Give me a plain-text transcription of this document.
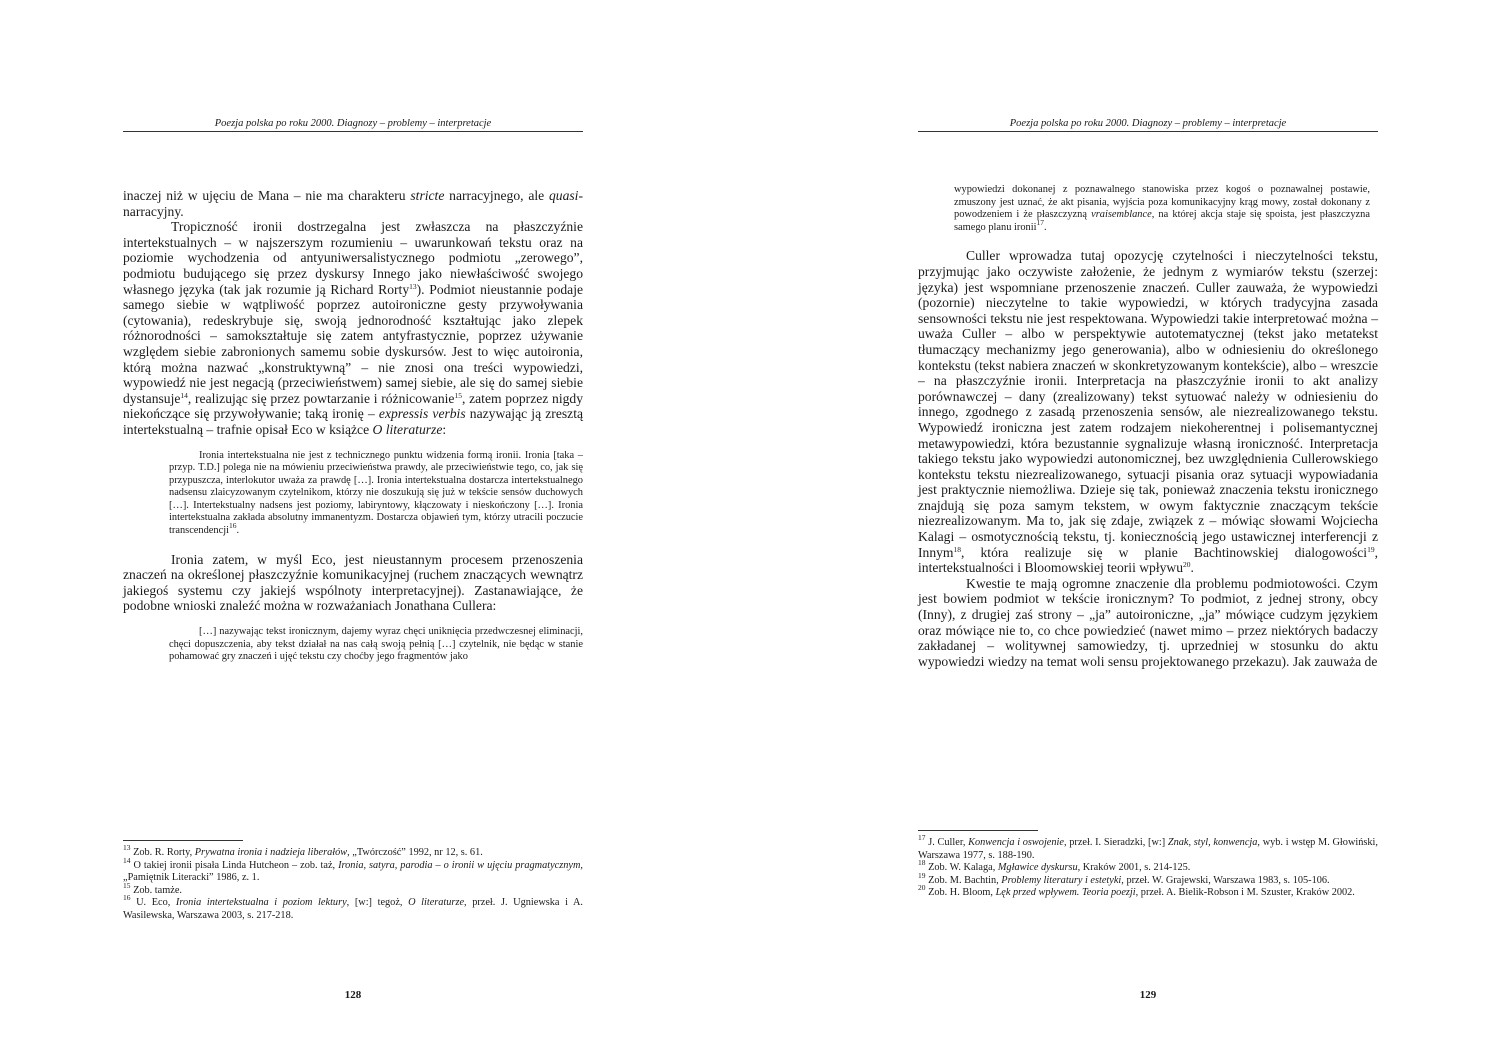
Poezja polska po roku 2000. Diagnozy – problemy – interpretacje

inaczej niż w ujęciu de Mana – nie ma charakteru stricte narracyjnego, ale quasi-narracyjny.

Tropiczność ironii dostrzegalna jest zwłaszcza na płaszczyźnie intertekstualnych – w najszerszym rozumieniu – uwarunkowań tekstu oraz na poziomie wychodzenia od antyuniwersalistycznego podmiotu „zerowego”, podmiotu budującego się przez dyskursy Innego jako niewłaściwość swojego własnego języka (tak jak rozumie ją Richard Rorty$^{13}$). Podmiot nieustannie podaje samego siebie w wątpliwość poprzez autoironiczne gesty przywoływania (cytowania), redeskrybuje się, swoją jednorodność kształtując jako zlepek różnorodności – samokształtuje się zatem antyfrastycznie, poprzez używanie względem siebie zabronionych samemu sobie dyskursów. Jest to więc autoironia, którą można nazwać „konstruktywną” – nie znosi ona treści wypowiedzi, wypowiedź nie jest negacją (przeciwieństwem) samej siebie, ale się do samej siebie dystansuje$^{14}$, realizując się przez powtarzanie i różnicowanie$^{15}$, zatem poprzez nigdy niekończące się przywoływanie; taką ironię – expressis verbis nazywając ją zresztą intertekstualną – trafnie opisał Eco w książce O literaturze:

Ironia intertekstualna nie jest z technicznego punktu widzenia formą ironii. Ironia [taka – przyp. T.D.] polega nie na mówieniu przeciwieństwa prawdy, ale przeciwieństwie tego, co, jak się przypuszcza, interlokutor uważa za prawdę […]. Ironia intertekstualna dostarcza intertekstualnego nadsensu zlaicyzowanym czytelnikom, którzy nie doszukują się już w tekście sensów duchowych […]. Intertekstualny nadsens jest poziomy, labiryntowy, kłączowaty i nieskończony […]. Ironia intertekstualna zakłada absolutny immanentyzm. Dostarcza objawień tym, którzy utracili poczucie transcendencji$^{16}$.

Ironia zatem, w myśl Eco, jest nieustannym procesem przenoszenia znaczeń na określonej płaszczyźnie komunikacyjnej (ruchem znaczących wewnątrz jakiegoś systemu czy jakiejś wspólnoty interpretacyjnej). Zastanawiające, że podobne wnioski znaleźć można w rozważaniach Jonathana Cullera:

[…] nazywając tekst ironicznym, dajemy wyraz chęci uniknięcia przedwczesnej eliminacji, chęci dopuszczenia, aby tekst działał na nas całą swoją pełnią […] czytelnik, nie będąc w stanie pohamować gry znaczeń i ujęć tekstu czy choćby jego fragmentów jako

$^{13}$ Zob. R. Rorty, Prywatna ironia i nadzieja liberałów, „Twórczość” 1992, nr 12, s. 61.

$^{14}$ O takiej ironii pisała Linda Hutcheon – zob. taż, Ironia, satyra, parodia – o ironii w ujęciu pragmatycznym, „Pamiętnik Literacki” 1986, z. 1.

$^{15}$ Zob. tamże.

$^{16}$ U. Eco, Ironia intertekstualna i poziom lektury, [w:] tegoż, O literaturze, przeł. J. Ugniewska i A. Wasilewska, Warszawa 2003, s. 217-218.

128
Poezja polska po roku 2000. Diagnozy – problemy – interpretacje

wypowiedzi dokonanej z poznawalnego stanowiska przez kogoś o poznawalnej postawie, zmuszony jest uznać, że akt pisania, wyjścia poza komunikacyjny krąg mowy, został dokonany z powodzeniem i że płaszczyzną vraisemblance, na której akcja staje się spoista, jest płaszczyzna samego planu ironii$^{17}$.

Culler wprowadza tutaj opozycję czytelności i nieczytelności tekstu, przyjmując jako oczywiste założenie, że jednym z wymiarów tekstu (szerzej: języka) jest wspomniane przenoszenie znaczeń. Culler zauważa, że wypowiedzi (pozornie) nieczytelne to takie wypowiedzi, w których tradycyjna zasada sensowności tekstu nie jest respektowana. Wypowiedzi takie interpretować można – uważa Culler – albo w perspektywie autotematycznej (tekst jako metatekst tłumaczący mechanizmy jego generowania), albo w odniesieniu do określonego kontekstu (tekst nabiera znaczeń w skonkretyzowanym kontekście), albo – wreszcie – na płaszczyźnie ironii. Interpretacja na płaszczyźnie ironii to akt analizy porównawczej – dany (zrealizowany) tekst sytuować należy w odniesieniu do innego, zgodnego z zasadą przenoszenia sensów, ale niezrealizowanego tekstu. Wypowiedź ironiczna jest zatem rodzajem niekoherentnej i polisemantycznej metawypowiedzi, która bezustannie sygnalizuje własną ironiczność. Interpretacja takiego tekstu jako wypowiedzi autonomicznej, bez uwzględnienia Cullerowskiego kontekstu tekstu niezrealizowanego, sytuacji pisania oraz sytuacji wypowiadania jest praktycznie niemożliwa. Dzieje się tak, ponieważ znaczenia tekstu ironicznego znajdują się poza samym tekstem, w owym faktycznie znaczącym tekście niezrealizowanym. Ma to, jak się zdaje, związek z – mówiąc słowami Wojciecha Kalagi – osmotycznością tekstu, tj. koniecznością jego ustawicznej interferencji z Innym$^{18}$, która realizuje się w planie Bachtinowskiej dialogowości$^{19}$, intertekstualności i Bloomowskiej teorii wpływu$^{20}$.

Kwestie te mają ogromne znaczenie dla problemu podmiotowości. Czym jest bowiem podmiot w tekście ironicznym? To podmiot, z jednej strony, obcy (Inny), z drugiej zaś strony – „ja” autoironiczne, „ja” mówiące cudzym językiem oraz mówiące nie to, co chce powiedzieć (nawet mimo – przez niektórych badaczy zakładanej – wolitywnej samowiedzy, tj. uprzedniej w stosunku do aktu wypowiedzi wiedzy na temat woli sensu projektowanego przekazu). Jak zauważa de

$^{17}$ J. Culler, Konwencja i oswojenie, przeł. I. Sieradzki, [w:] Znak, styl, konwencja, wyb. i wstęp M. Głowiński, Warszawa 1977, s. 188-190.

$^{18}$ Zob. W. Kalaga, Mgławice dyskursu, Kraków 2001, s. 214-125.

$^{19}$ Zob. M. Bachtin, Problemy literatury i estetyki, przeł. W. Grajewski, Warszawa 1983, s. 105-106.

$^{20}$ Zob. H. Bloom, Lęk przed wpływem. Teoria poezji, przeł. A. Bielik-Robson i M. Szuster, Kraków 2002.

129
